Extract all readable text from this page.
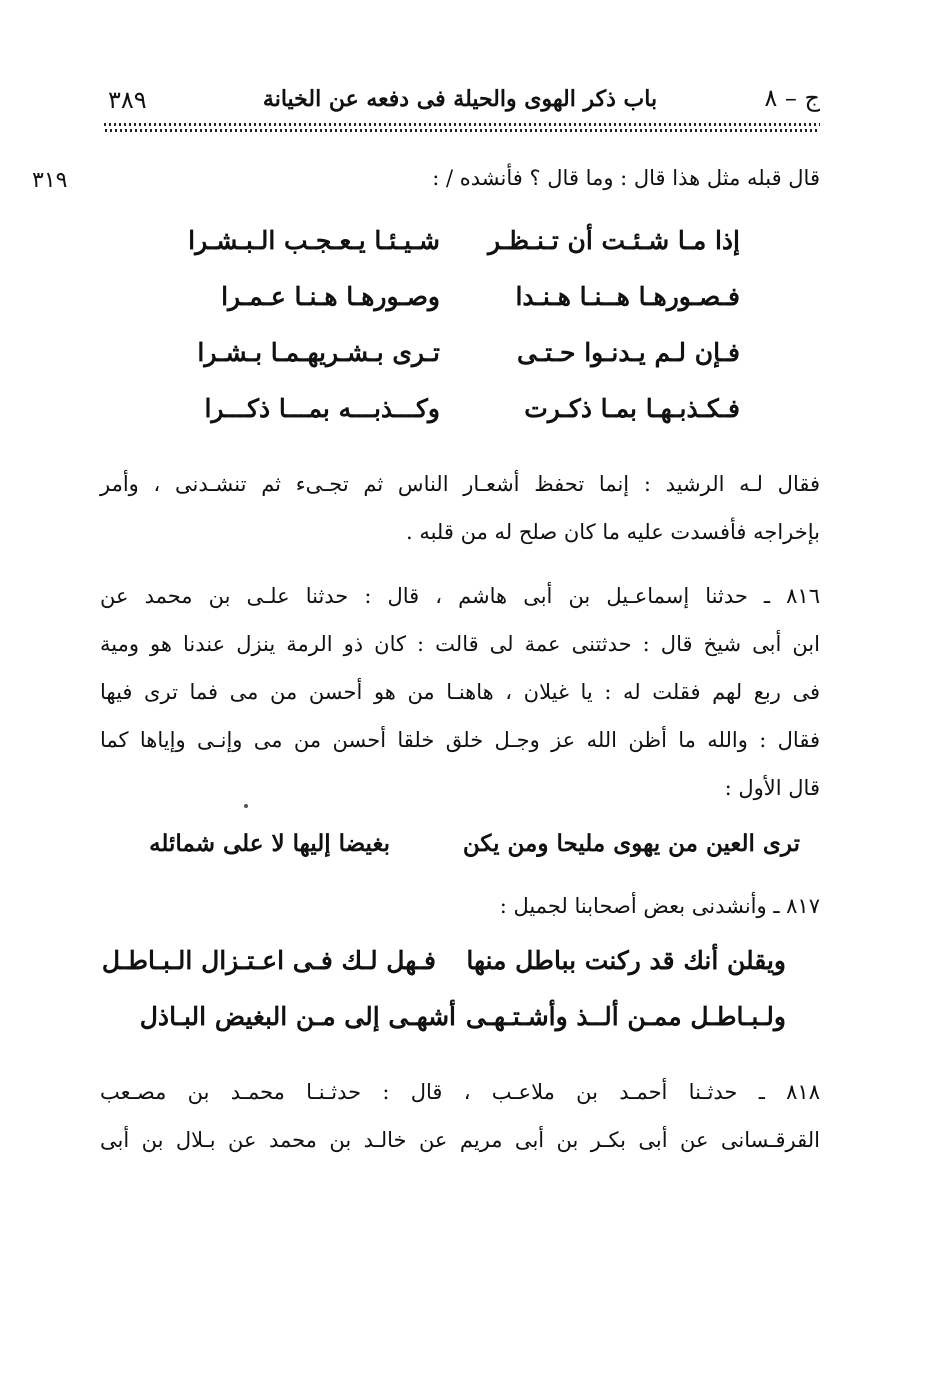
ج – ٨
باب ذكر الهوى والحيلة فى دفعه عن الخيانة
٣٨٩
٣١٩	قال قبله مثل هذا قال : وما قال ؟ فأنشده / :
إذا مـا شـئـت أن تـنـظـر
شـيـئـا يـعـجـب الـبـشـرا
فـصـورهـا هــنـا هـنـدا
وصـورهـا هـنـا عـمـرا
فـإن لـم يـدنـوا حـتـى
تـرى بـشـريهـمـا بـشـرا
فـكـذبـهـا بمـا ذكـرت
وكـــذبـــه بمـــا ذكـــرا
فقال لـه الرشيد : إنما تحفظ أشعـار الناس ثم تجـىء ثم تنشـدنى ، وأمر
بإخراجه فأفسدت عليه ما كان صلح له من قلبه .
٨١٦ ـ حدثنا إسماعـيل بن أبى هاشم ، قال : حدثنا علـى بن محمد عن
ابن أبى شيخ قال : حدثتنى عمة لى قالت : كان ذو الرمة ينزل عندنا هو ومية
فى ربع لهم فقلت له : يا غيلان ، هاهنـا من هو أحسن من مى فما ترى فيها
فقال : والله ما أظن الله عز وجـل خلق خلقا أحسن من مى وإنـى وإياها كما
قال الأول :
ترى العين من يهوى مليحا ومن يكن
بغيضا إليها لا على شمائله
٨١٧ ـ وأنشدنى بعض أصحابنا لجميل :
ويقلن أنك قد ركنت بباطل منها
فـهل لـك فـى اعـتـزال الـبـاطـل
ولـبـاطـل ممـن ألــذ وأشـتـهـى
أشهـى إلى مـن البغيض البـاذل
٨١٨ ـ حدثـنا أحمـد بن ملاعـب ، قال : حدثـنـا محمـد بن مصـعب
القرقـسانى عن أبى بكـر بن أبى مريم عن خالـد بن محمد عن بـلال بن أبى
